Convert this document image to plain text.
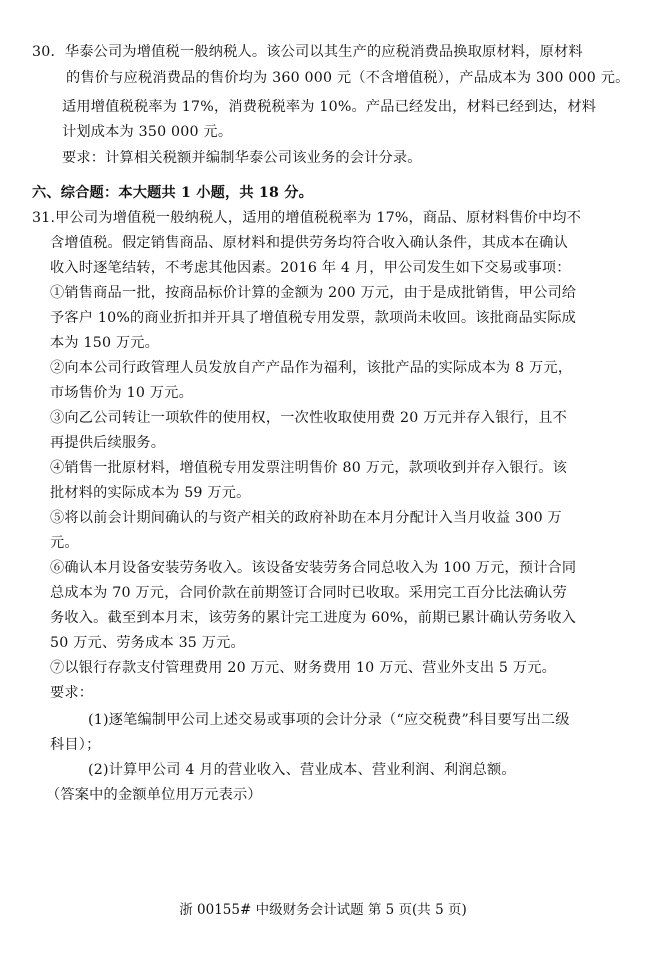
30．华泰公司为增值税一般纳税人。该公司以其生产的应税消费品换取原材料，原材料
的售价与应税消费品的售价均为 360 000 元（不含增值税），产品成本为 300 000 元。
适用增值税税率为 17%，消费税税率为 10%。产品已经发出，材料已经到达，材料
计划成本为 350 000 元。
要求：计算相关税额并编制华泰公司该业务的会计分录。
六、综合题：本大题共 1 小题，共 18 分。
31.甲公司为增值税一般纳税人，适用的增值税税率为 17%，商品、原材料售价中均不
含增值税。假定销售商品、原材料和提供劳务均符合收入确认条件，其成本在确认
收入时逐笔结转，不考虑其他因素。2016 年 4 月，甲公司发生如下交易或事项：
①销售商品一批，按商品标价计算的金额为 200 万元，由于是成批销售，甲公司给
予客户 10%的商业折扣并开具了增值税专用发票，款项尚未收回。该批商品实际成
本为 150 万元。
②向本公司行政管理人员发放自产产品作为福利，该批产品的实际成本为 8 万元，
市场售价为 10 万元。
③向乙公司转让一项软件的使用权，一次性收取使用费 20 万元并存入银行，且不
再提供后续服务。
④销售一批原材料，增值税专用发票注明售价 80 万元，款项收到并存入银行。该
批材料的实际成本为 59 万元。
⑤将以前会计期间确认的与资产相关的政府补助在本月分配计入当月收益 300 万
元。
⑥确认本月设备安装劳务收入。该设备安装劳务合同总收入为 100 万元，预计合同
总成本为 70 万元，合同价款在前期签订合同时已收取。采用完工百分比法确认劳
务收入。截至到本月末，该劳务的累计完工进度为 60%，前期已累计确认劳务收入
50 万元、劳务成本 35 万元。
⑦以银行存款支付管理费用 20 万元、财务费用 10 万元、营业外支出 5 万元。
要求：
(1)逐笔编制甲公司上述交易或事项的会计分录（“应交税费”科目要写出二级
科目）；
(2)计算甲公司 4 月的营业收入、营业成本、营业利润、利润总额。
（答案中的金额单位用万元表示）
浙 00155# 中级财务会计试题 第 5 页(共 5 页)
